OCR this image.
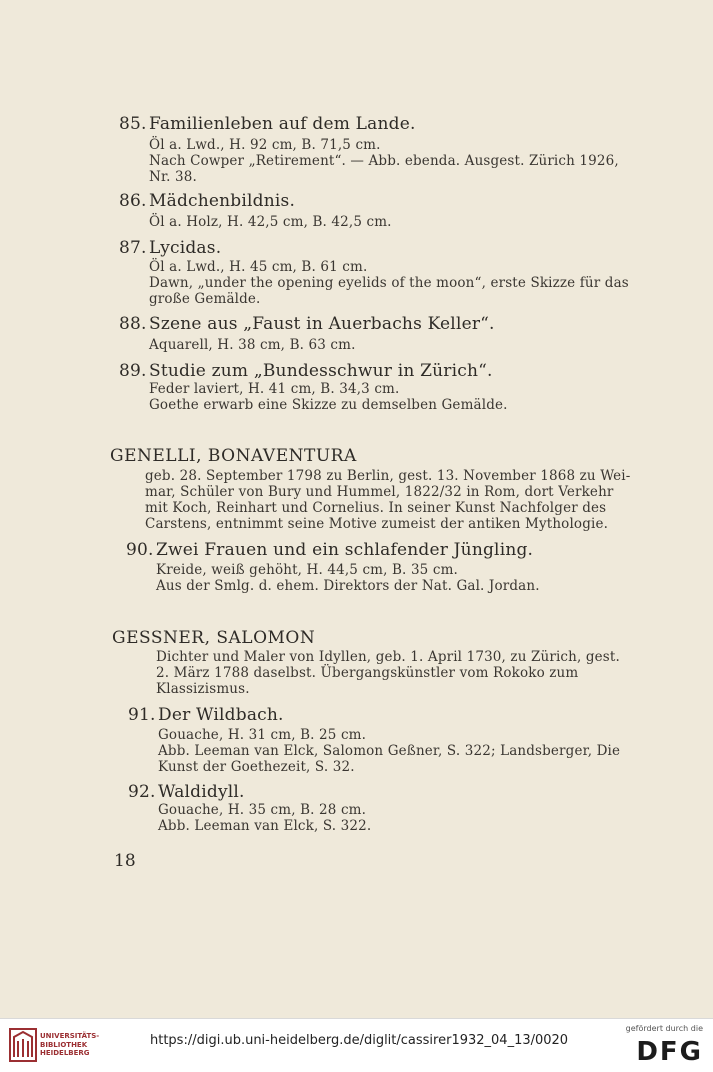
85. Familienleben auf dem Lande.
Öl a. Lwd., H. 92 cm, B. 71,5 cm.
Nach Cowper „Retirement“. — Abb. ebenda. Ausgest. Zürich 1926,
Nr. 38.
86. Mädchenbildnis.
Öl a. Holz, H. 42,5 cm, B. 42,5 cm.
87. Lycidas.
Öl a. Lwd., H. 45 cm, B. 61 cm.
Dawn, „under the opening eyelids of the moon“, erste Skizze für das
große Gemälde.
88. Szene aus „Faust in Auerbachs Keller“.
Aquarell, H. 38 cm, B. 63 cm.
89. Studie zum „Bundesschwur in Zürich“.
Feder laviert, H. 41 cm, B. 34,3 cm.
Goethe erwarb eine Skizze zu demselben Gemälde.
GENELLI, BONAVENTURA
geb. 28. September 1798 zu Berlin, gest. 13. November 1868 zu Wei-
mar, Schüler von Bury und Hummel, 1822/32 in Rom, dort Verkehr
mit Koch, Reinhart und Cornelius. In seiner Kunst Nachfolger des
Carstens, entnimmt seine Motive zumeist der antiken Mythologie.
90. Zwei Frauen und ein schlafender Jüngling.
Kreide, weiß gehöht, H. 44,5 cm, B. 35 cm.
Aus der Smlg. d. ehem. Direktors der Nat. Gal. Jordan.
GESSNER, SALOMON
Dichter und Maler von Idyllen, geb. 1. April 1730, zu Zürich, gest.
2. März 1788 daselbst. Übergangskünstler vom Rokoko zum
Klassizismus.
91. Der Wildbach.
Gouache, H. 31 cm, B. 25 cm.
Abb. Leeman van Elck, Salomon Geßner, S. 322; Landsberger, Die
Kunst der Goethezeit, S. 32.
92. Waldidyll.
Gouache, H. 35 cm, B. 28 cm.
Abb. Leeman van Elck, S. 322.
18
UNIVERSITÄTS-
BIBLIOTHEK
HEIDELBERG
https://digi.ub.uni-heidelberg.de/diglit/cassirer1932_04_13/0020
gefördert durch die
DFG
